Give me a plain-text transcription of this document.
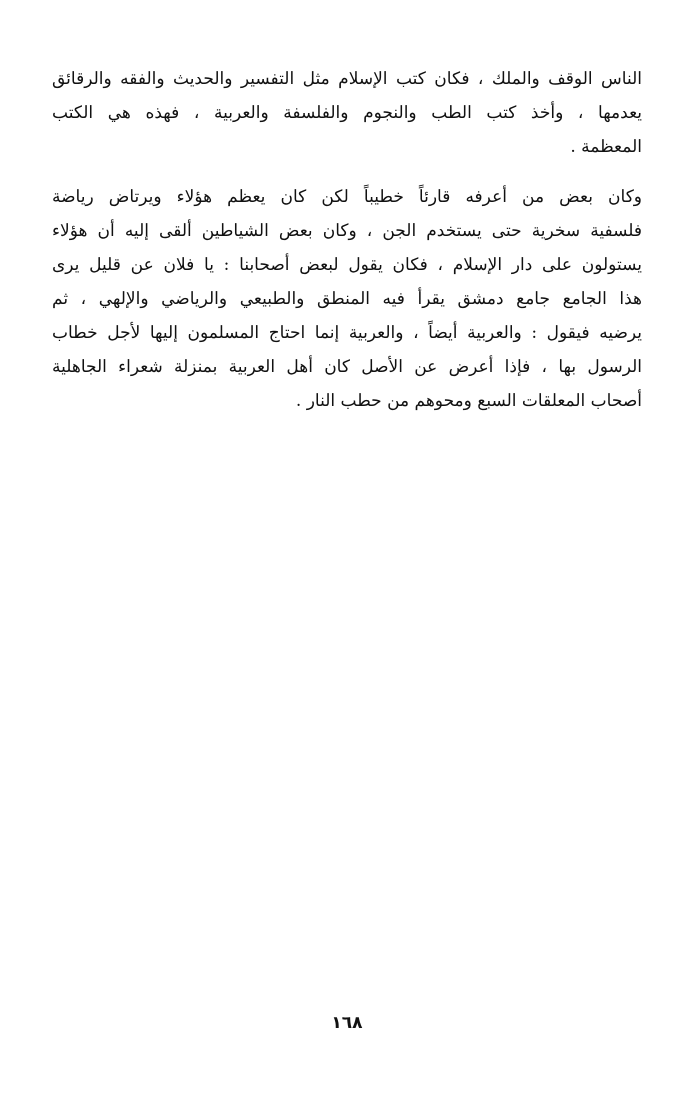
الناس الوقف والملك ، فكان كتب الإسلام مثل التفسير والحديث والفقه والرقائق
يعدمها ، وأخذ كتب الطب والنجوم والفلسفة والعربية ، فهذه هي الكتب
المعظمة .
وكان بعض من أعرفه قارئاً خطيباً لكن كان يعظم هؤلاء ويرتاض رياضة
فلسفية سخرية حتى يستخدم الجن ، وكان بعض الشياطين ألقى إليه أن هؤلاء
يستولون على دار الإسلام ، فكان يقول لبعض أصحابنا : يا فلان عن قليل يرى
هذا الجامع جامع دمشق يقرأ فيه المنطق والطبيعي والرياضي والإلهي ، ثم
يرضيه فيقول : والعربية أيضاً ، والعربية إنما احتاج المسلمون إليها لأجل خطاب
الرسول بها ، فإذا أعرض عن الأصل كان أهل العربية بمنزلة شعراء الجاهلية
أصحاب المعلقات السبع ومحوهم من حطب النار .
١٦٨
